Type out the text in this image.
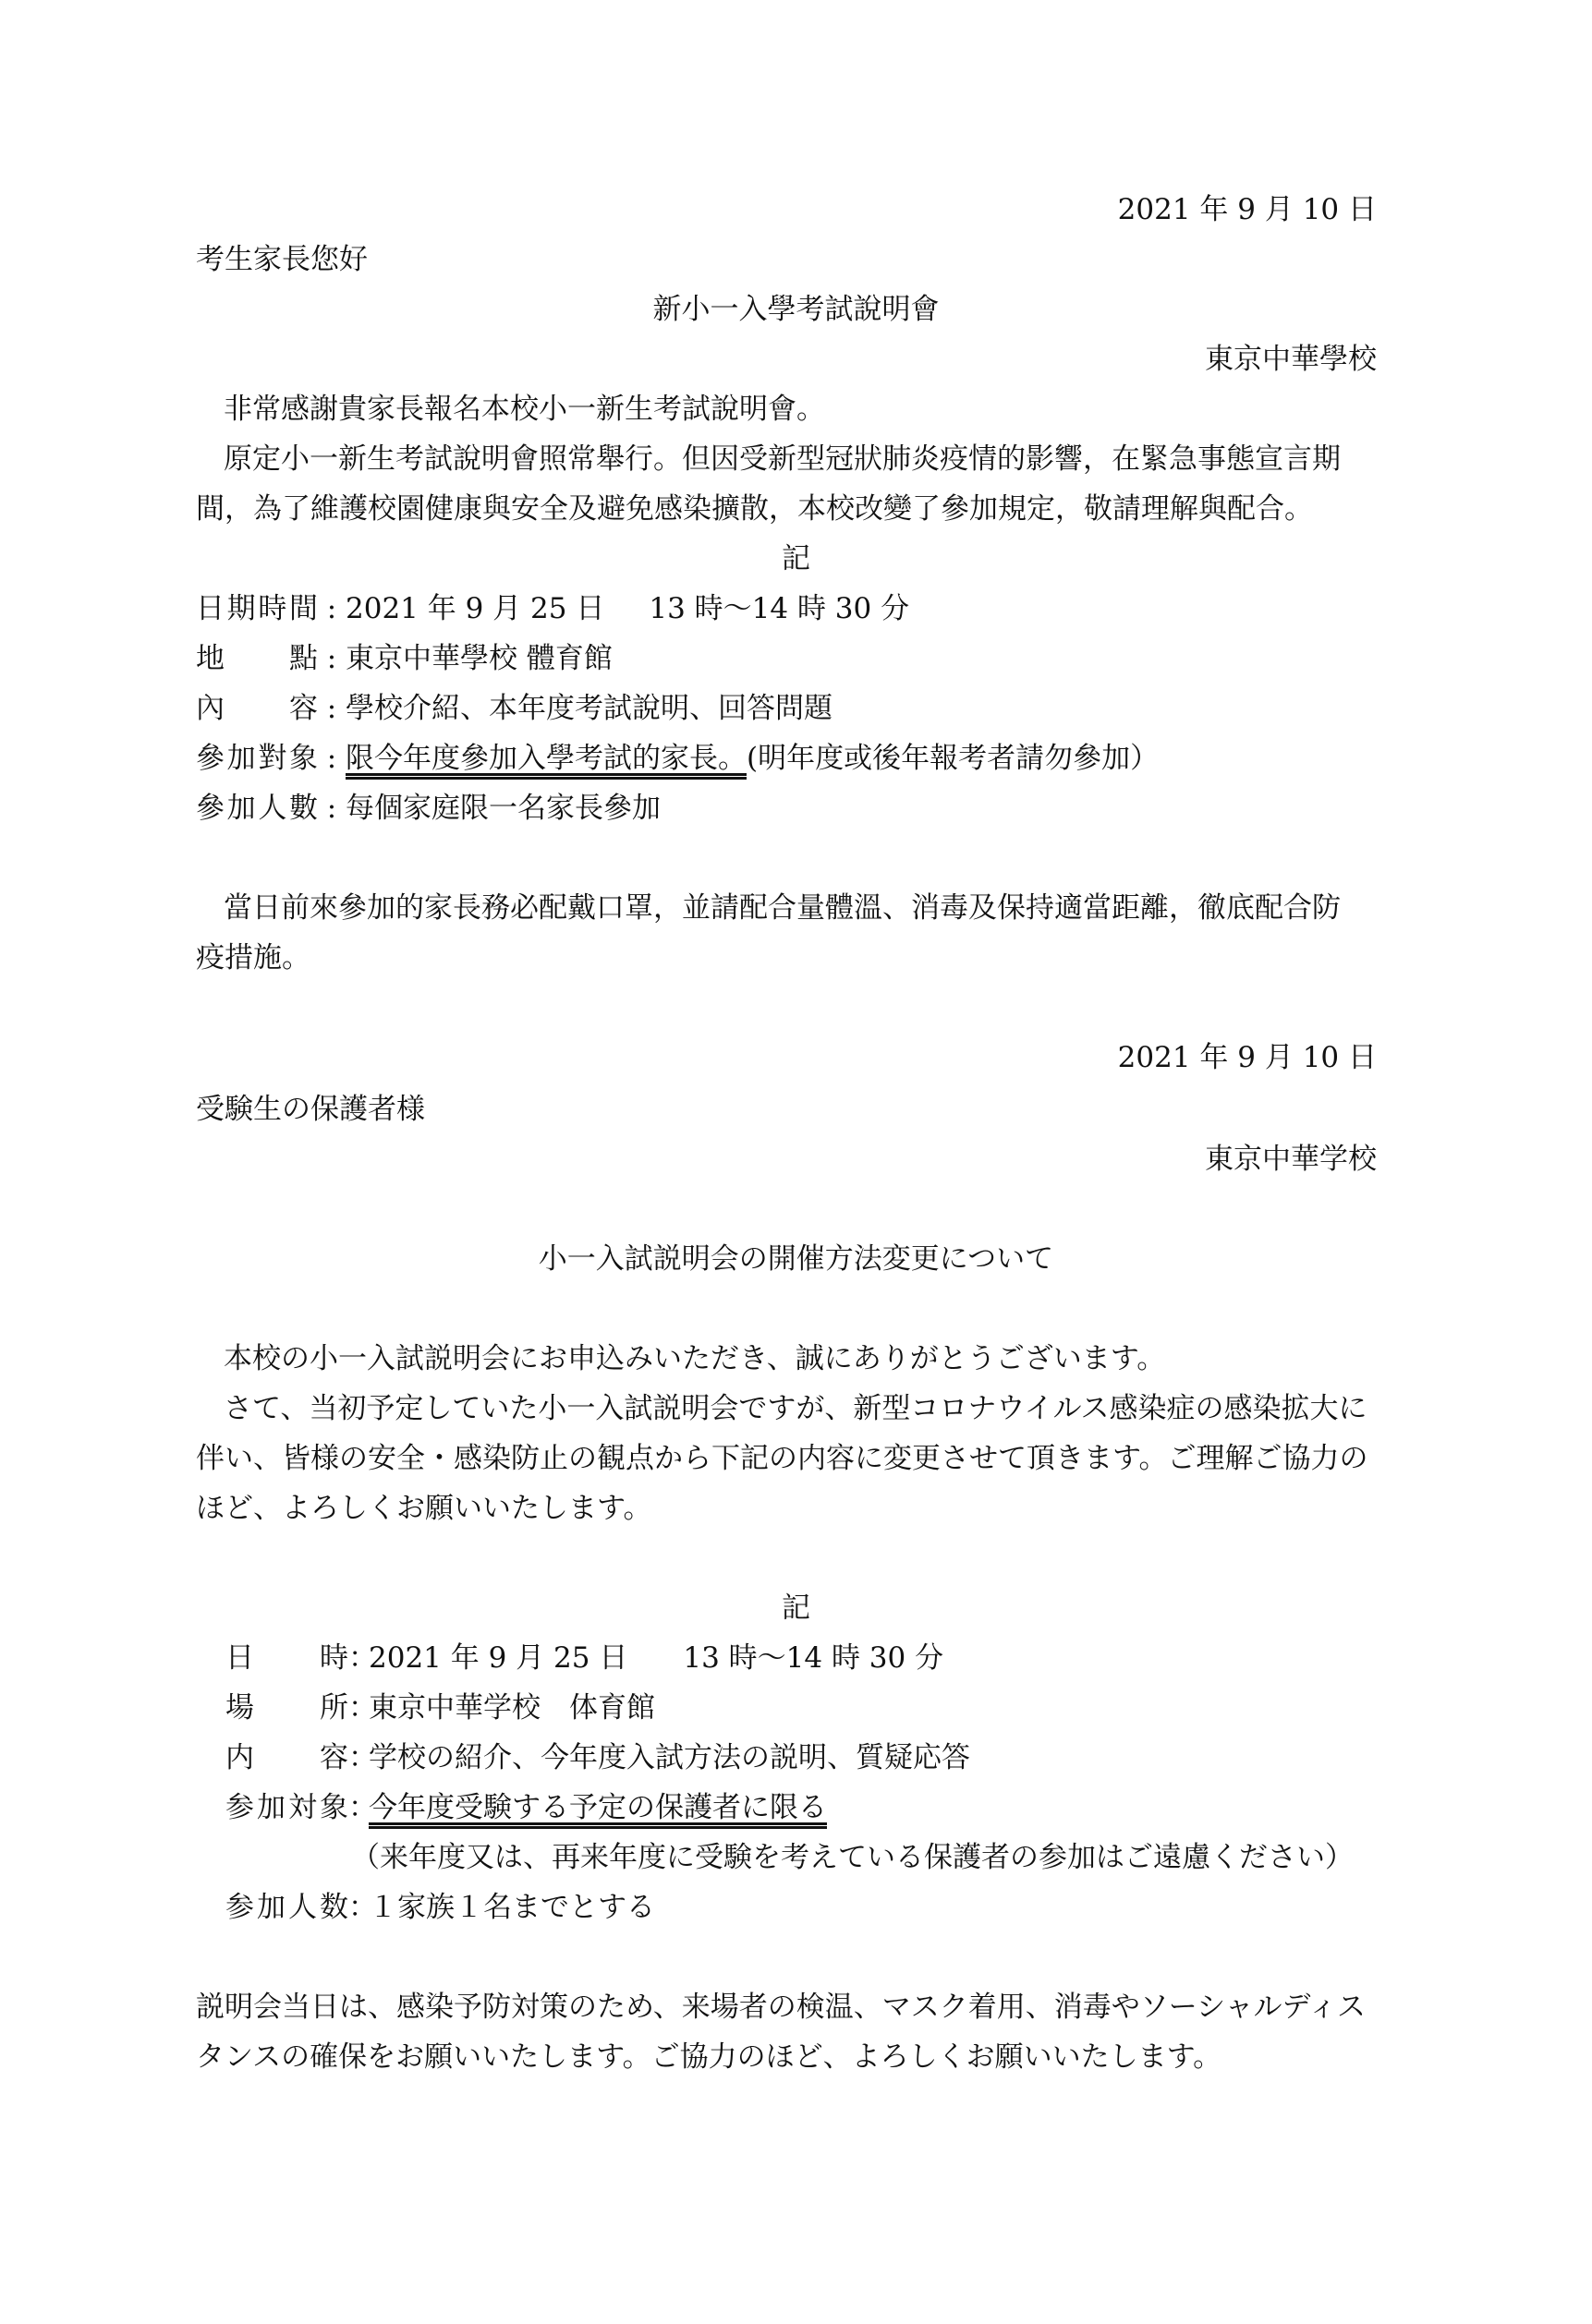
2021 年 9 月 10 日
考生家長您好
新小一入學考試說明會
東京中華學校
非常感謝貴家長報名本校小一新生考試說明會。
原定小一新生考試說明會照常舉行。但因受新型冠狀肺炎疫情的影響，在緊急事態宣言期
間，為了維護校園健康與安全及避免感染擴散，本校改變了參加規定，敬請理解與配合。
記
日期時間 : 2021 年 9 月 25 日 13 時～14 時 30 分
地點 : 東京中華學校 體育館
內容 : 學校介紹、本年度考試說明、回答問題
參加對象 : 限今年度參加入學考試的家長。 (明年度或後年報考者請勿參加）
參加人數 : 每個家庭限一名家長參加
當日前來參加的家長務必配戴口罩，並請配合量體溫、消毒及保持適當距離，徹底配合防
疫措施。
2021 年 9 月 10 日
受験生の保護者様
東京中華学校
小一入試説明会の開催方法変更について
本校の小一入試説明会にお申込みいただき、誠にありがとうございます。
さて、当初予定していた小一入試説明会ですが、新型コロナウイルス感染症の感染拡大に
伴い、皆様の安全・感染防止の観点から下記の内容に変更させて頂きます。ご理解ご協力の
ほど、よろしくお願いいたします。
記
日時 ：
2021 年 9 月 25 日 13 時～14 時 30 分
場所 ：
東京中華学校　体育館
内容 ：
学校の紹介、今年度入試方法の説明、質疑応答
参加対象 ：
今年度受験する予定の保護者に限る
（来年度又は、再来年度に受験を考えている保護者の参加はご遠慮ください）
参加人数 ：
１家族１名までとする
説明会当日は、感染予防対策のため、来場者の検温、マスク着用、消毒やソーシャルディス
タンスの確保をお願いいたします。ご協力のほど、よろしくお願いいたします。
